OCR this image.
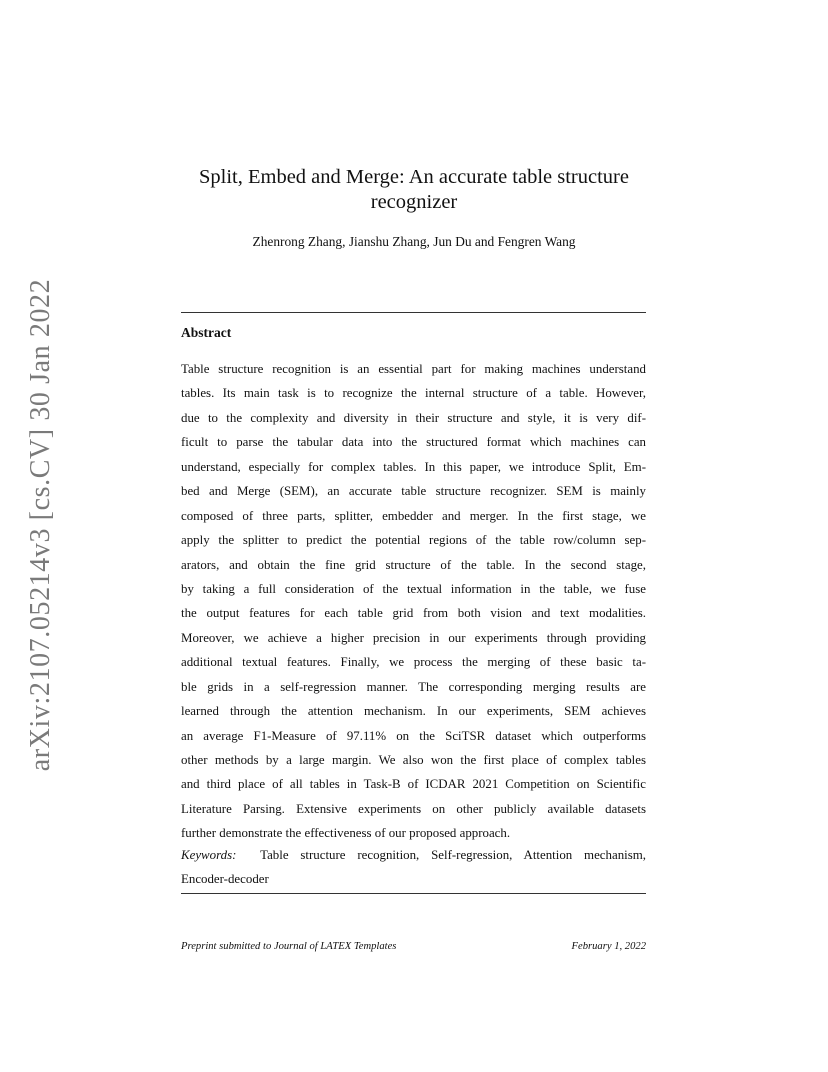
arXiv:2107.05214v3 [cs.CV] 30 Jan 2022
Split, Embed and Merge: An accurate table structure
recognizer
Zhenrong Zhang, Jianshu Zhang, Jun Du and Fengren Wang
Abstract
Table structure recognition is an essential part for making machines understand
tables. Its main task is to recognize the internal structure of a table. However,
due to the complexity and diversity in their structure and style, it is very dif-
ficult to parse the tabular data into the structured format which machines can
understand, especially for complex tables. In this paper, we introduce Split, Em-
bed and Merge (SEM), an accurate table structure recognizer. SEM is mainly
composed of three parts, splitter, embedder and merger. In the first stage, we
apply the splitter to predict the potential regions of the table row/column sep-
arators, and obtain the fine grid structure of the table. In the second stage,
by taking a full consideration of the textual information in the table, we fuse
the output features for each table grid from both vision and text modalities.
Moreover, we achieve a higher precision in our experiments through providing
additional textual features. Finally, we process the merging of these basic ta-
ble grids in a self-regression manner. The corresponding merging results are
learned through the attention mechanism. In our experiments, SEM achieves
an average F1-Measure of 97.11% on the SciTSR dataset which outperforms
other methods by a large margin. We also won the first place of complex tables
and third place of all tables in Task-B of ICDAR 2021 Competition on Scientific
Literature Parsing. Extensive experiments on other publicly available datasets
further demonstrate the effectiveness of our proposed approach.
Keywords: Table structure recognition, Self-regression, Attention mechanism,
Encoder-decoder
Preprint submitted to Journal of LATEX Templates	February 1, 2022
